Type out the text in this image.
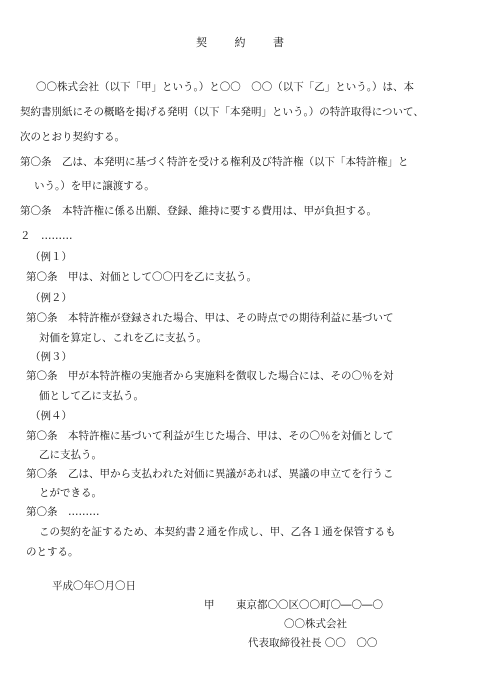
契 約 書
〇〇株式会社（以下「甲」という。）と〇〇　〇〇（以下「乙」という。）は、本
契約書別紙にその概略を掲げる発明（以下「本発明」という。）の特許取得について、
次のとおり契約する。
第〇条　乙は、本発明に基づく特許を受ける権利及び特許権（以下「本特許権」と
いう。）を甲に譲渡する。
第〇条　本特許権に係る出願、登録、維持に要する費用は、甲が負担する。
２　………
（例１）
第〇条　甲は、対価として〇〇円を乙に支払う。
（例２）
第〇条　本特許権が登録された場合、甲は、その時点での期待利益に基づいて
対価を算定し、これを乙に支払う。
（例３）
第〇条　甲が本特許権の実施者から実施料を徴収した場合には、その〇％を対
価として乙に支払う。
（例４）
第〇条　本特許権に基づいて利益が生じた場合、甲は、その〇％を対価として
乙に支払う。
第〇条　乙は、甲から支払われた対価に異議があれば、異議の申立てを行うこ
とができる。
第〇条　………
この契約を証するため、本契約書２通を作成し、甲、乙各１通を保管するも
のとする。
平成〇年〇月〇日
甲 東京都〇〇区〇〇町〇―〇―〇
〇〇株式会社
代表取締役社長 〇〇　〇〇
